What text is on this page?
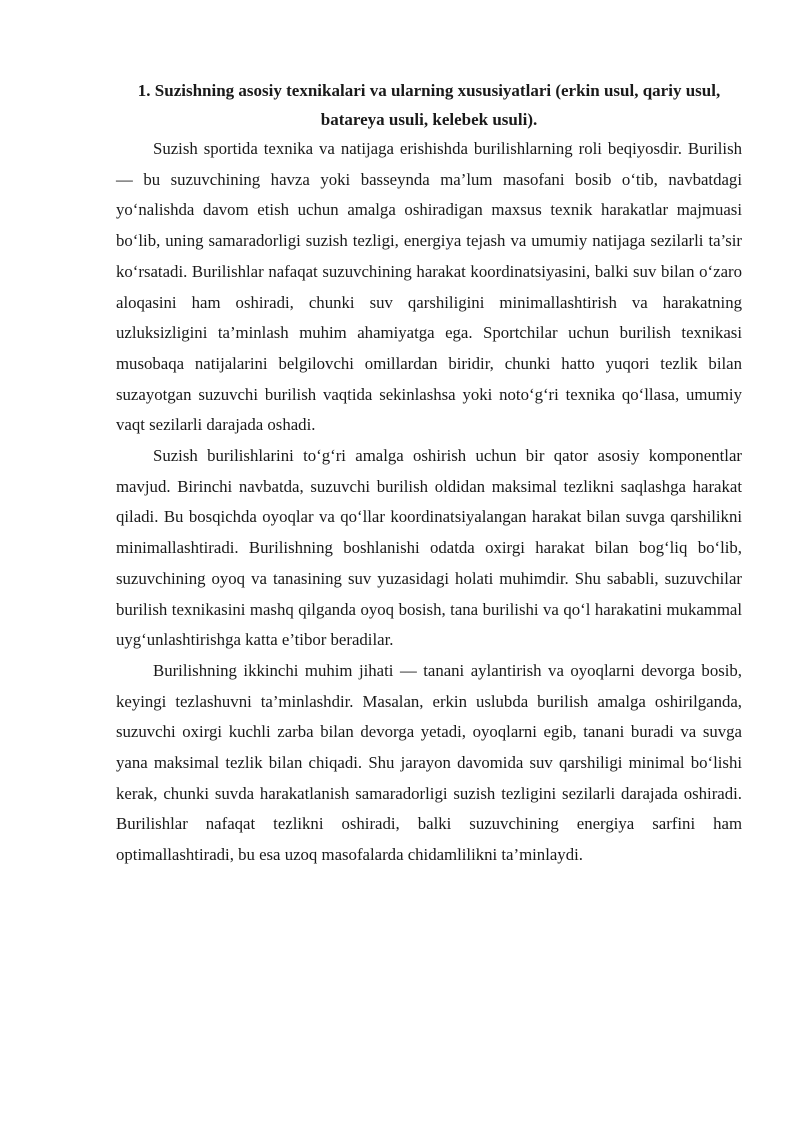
1. Suzishning asosiy texnikalari va ularning xususiyatlari (erkin usul, qariy usul, batareya usuli, kelebek usuli).

Suzish sportida texnika va natijaga erishishda burilishlarning roli beqiyosdir. Burilish — bu suzuvchining havza yoki basseynda ma’lum masofani bosib o‘tib, navbatdagi yo‘nalishda davom etish uchun amalga oshiradigan maxsus texnik harakatlar majmuasi bo‘lib, uning samaradorligi suzish tezligi, energiya tejash va umumiy natijaga sezilarli ta’sir ko‘rsatadi. Burilishlar nafaqat suzuvchining harakat koordinatsiyasini, balki suv bilan o‘zaro aloqasini ham oshiradi, chunki suv qarshiligini minimallashtirish va harakatning uzluksizligini ta’minlash muhim ahamiyatga ega. Sportchilar uchun burilish texnikasi musobaqa natijalarini belgilovchi omillardan biridir, chunki hatto yuqori tezlik bilan suzayotgan suzuvchi burilish vaqtida sekinlashsa yoki noto‘g‘ri texnika qo‘llasa, umumiy vaqt sezilarli darajada oshadi.

Suzish burilishlarini to‘g‘ri amalga oshirish uchun bir qator asosiy komponentlar mavjud. Birinchi navbatda, suzuvchi burilish oldidan maksimal tezlikni saqlashga harakat qiladi. Bu bosqichda oyoqlar va qo‘llar koordinatsiyalangan harakat bilan suvga qarshilikni minimallashtiradi. Burilishning boshlanishi odatda oxirgi harakat bilan bog‘liq bo‘lib, suzuvchining oyoq va tanasining suv yuzasidagi holati muhimdir. Shu sababli, suzuvchilar burilish texnikasini mashq qilganda oyoq bosish, tana burilishi va qo‘l harakatini mukammal uyg‘unlashtirishga katta e’tibor beradilar.

Burilishning ikkinchi muhim jihati — tanani aylantirish va oyoqlarni devorga bosib, keyingi tezlashuvni ta’minlashdir. Masalan, erkin uslubda burilish amalga oshirilganda, suzuvchi oxirgi kuchli zarba bilan devorga yetadi, oyoqlarni egib, tanani buradi va suvga yana maksimal tezlik bilan chiqadi. Shu jarayon davomida suv qarshiligi minimal bo‘lishi kerak, chunki suvda harakatlanish samaradorligi suzish tezligini sezilarli darajada oshiradi. Burilishlar nafaqat tezlikni oshiradi, balki suzuvchining energiya sarfini ham optimallashtiradi, bu esa uzoq masofalarda chidamlilikni ta’minlaydi.
